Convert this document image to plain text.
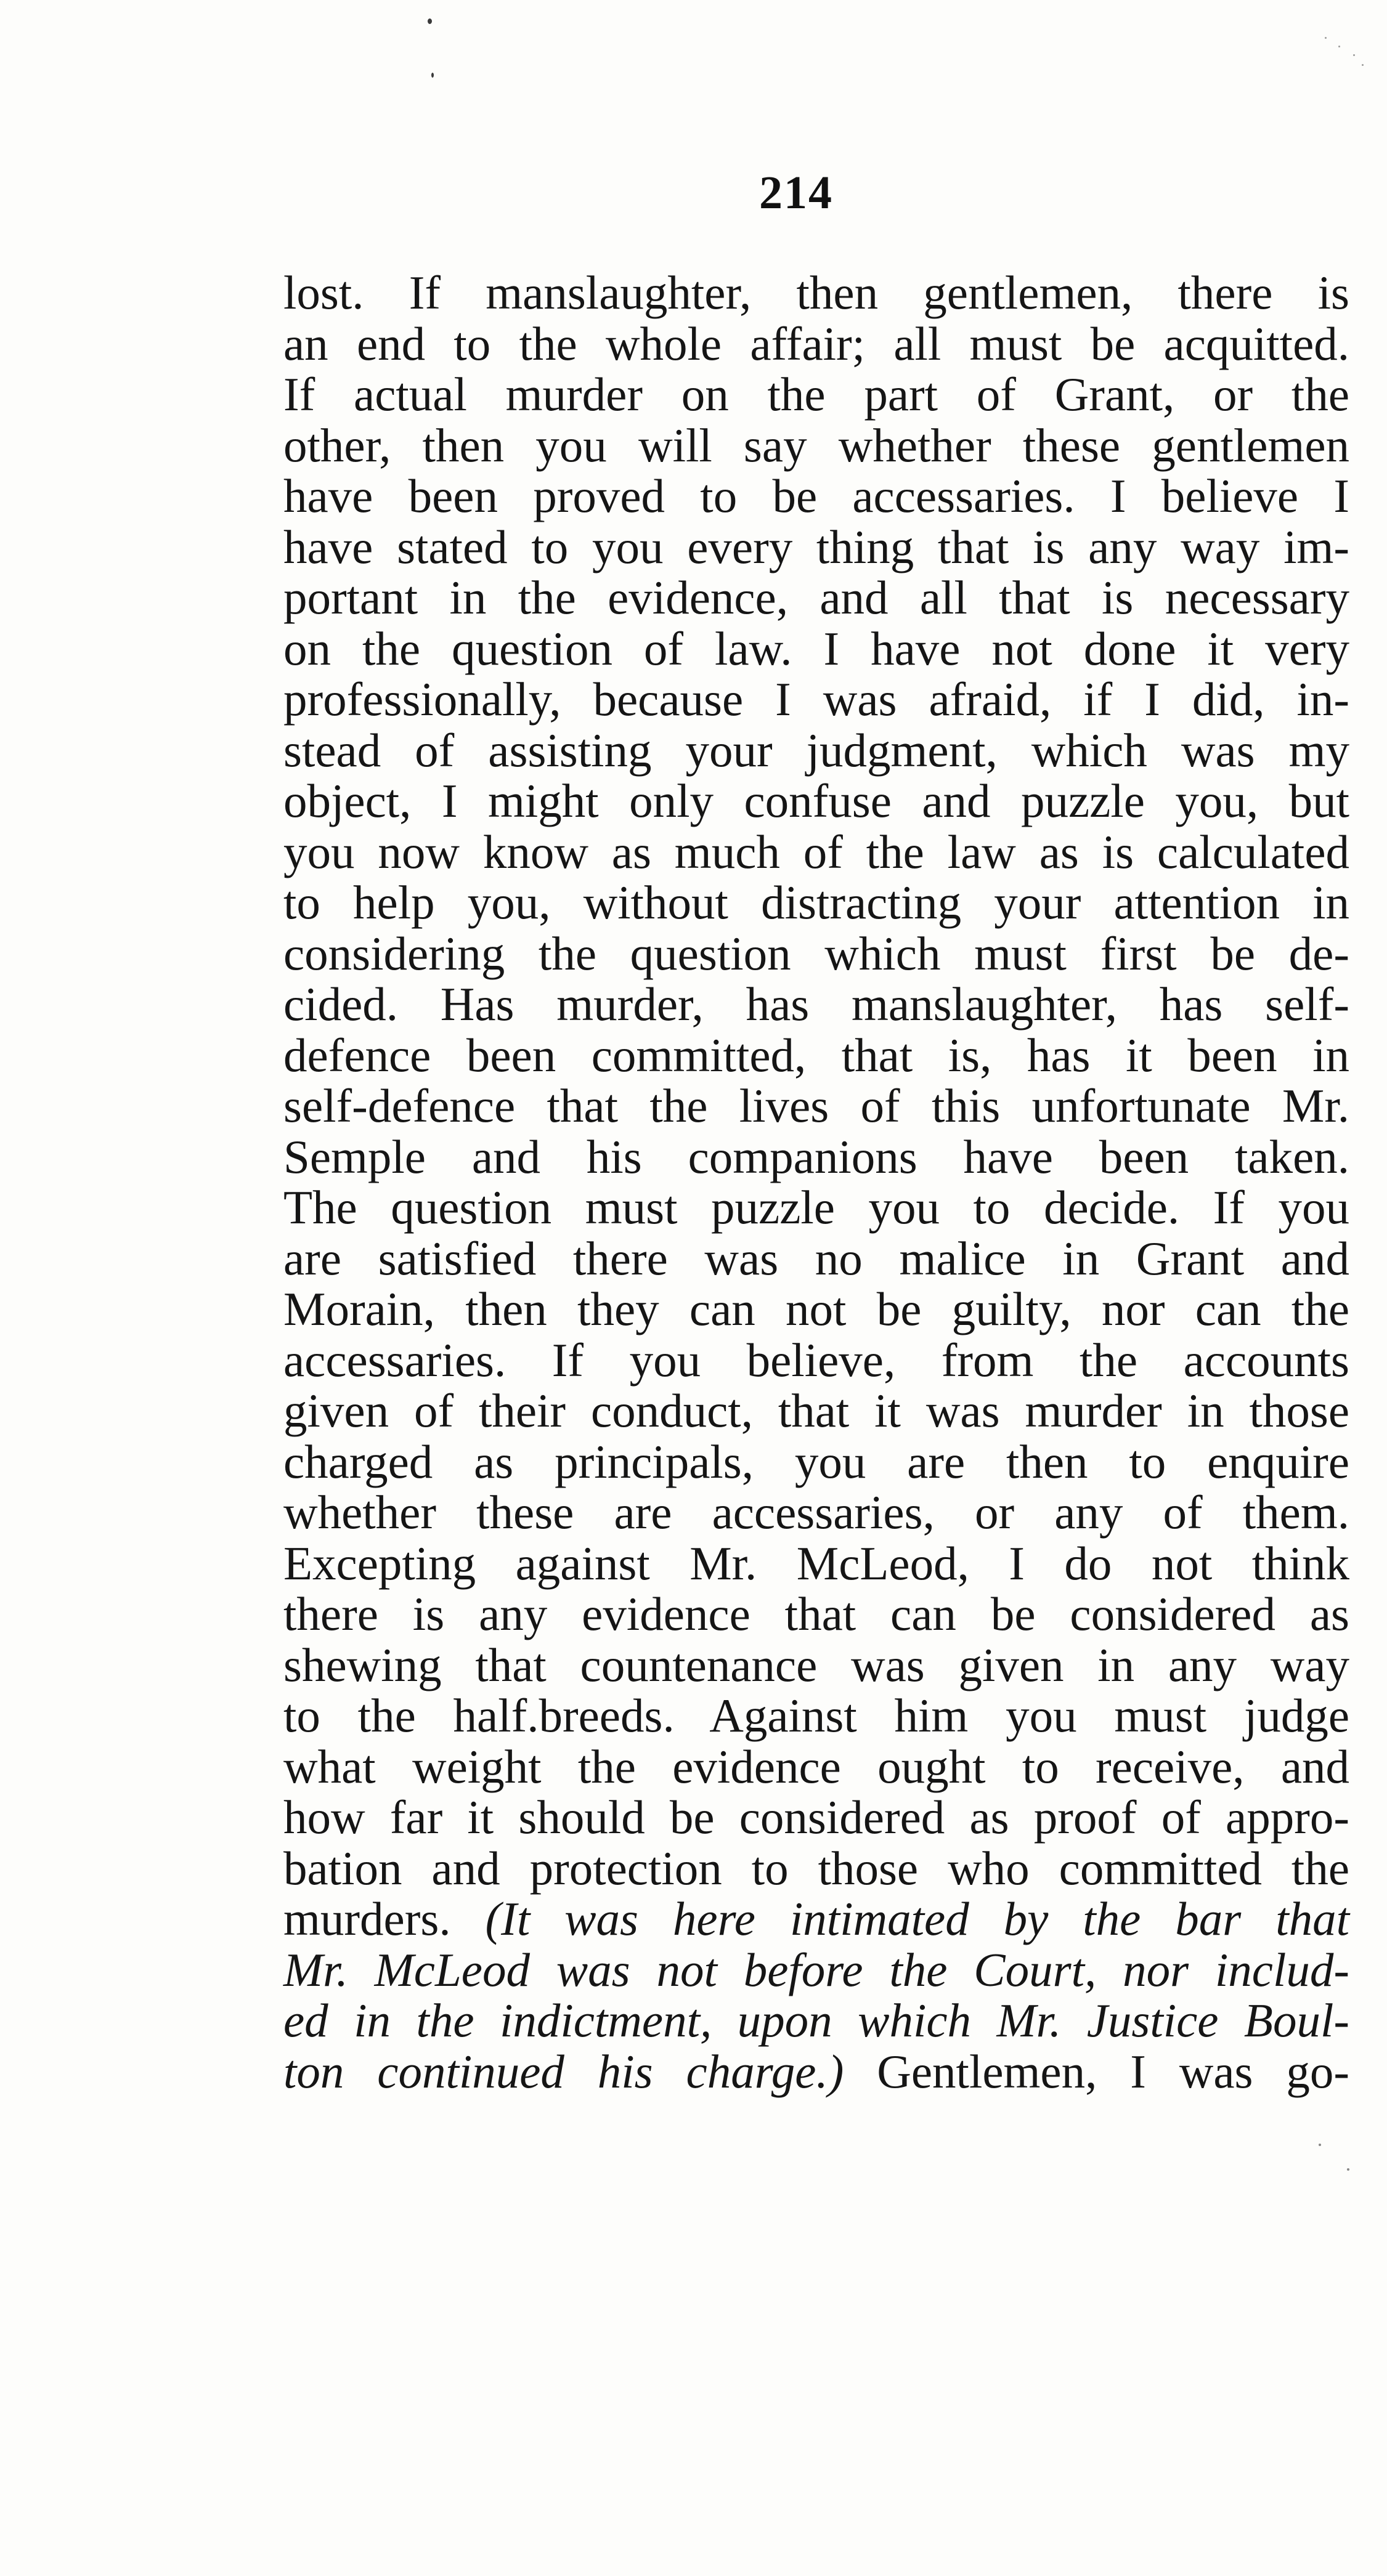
214
lost. If manslaughter, then gentlemen, there is
an end to the whole affair; all must be acquitted.
If actual murder on the part of Grant, or the
other, then you will say whether these gentlemen
have been proved to be accessaries. I believe I
have stated to you every thing that is any way im-
portant in the evidence, and all that is necessary
on the question of law. I have not done it very
professionally, because I was afraid, if I did, in-
stead of assisting your judgment, which was my
object, I might only confuse and puzzle you, but
you now know as much of the law as is calculated
to help you, without distracting your attention in
considering the question which must first be de-
cided. Has murder, has manslaughter, has self-
defence been committed, that is, has it been in
self-defence that the lives of this unfortunate Mr.
Semple and his companions have been taken.
The question must puzzle you to decide. If you
are satisfied there was no malice in Grant and
Morain, then they can not be guilty, nor can the
accessaries. If you believe, from the accounts
given of their conduct, that it was murder in those
charged as principals, you are then to enquire
whether these are accessaries, or any of them.
Excepting against Mr. McLeod, I do not think
there is any evidence that can be considered as
shewing that countenance was given in any way
to the half.breeds. Against him you must judge
what weight the evidence ought to receive, and
how far it should be considered as proof of appro-
bation and protection to those who committed the
murders. (It was here intimated by the bar that
Mr. McLeod was not before the Court, nor includ-
ed in the indictment, upon which Mr. Justice Boul-
ton continued his charge.) Gentlemen, I was go-
